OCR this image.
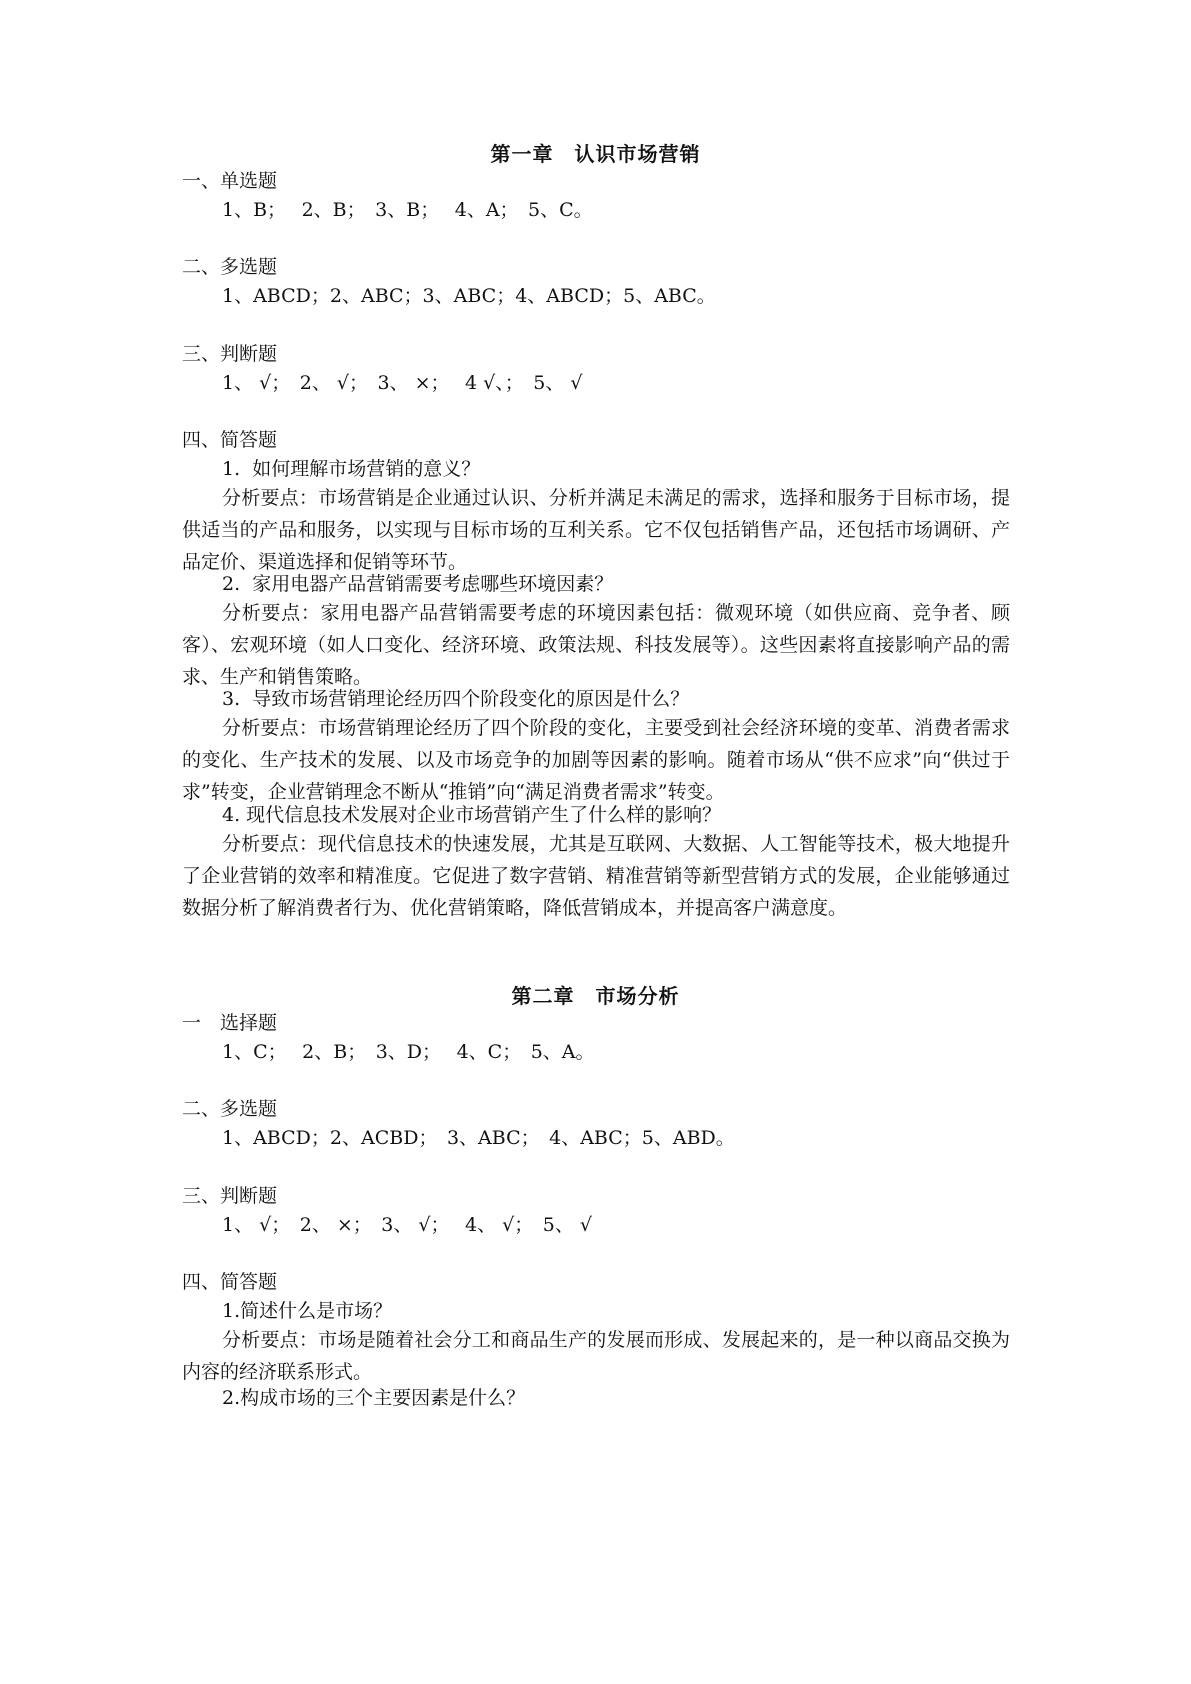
第一章　认识市场营销
一、单选题
1、B；　 2、B；　3、B；　 4、A；　5、C。
二、多选题
1、ABCD；2、ABC；3、ABC；4、ABCD；5、ABC。
三、判断题
1、 √；　2、 √；　3、 ×；　 4 √、；　5、 √
四、简答题
1.  如何理解市场营销的意义？
分析要点：市场营销是企业通过认识、分析并满足未满足的需求，选择和服务于目标市场，提供适当的产品和服务，以实现与目标市场的互利关系。它不仅包括销售产品，还包括市场调研、产品定价、渠道选择和促销等环节。
2.  家用电器产品营销需要考虑哪些环境因素？
分析要点：家用电器产品营销需要考虑的环境因素包括：微观环境（如供应商、竞争者、顾客）、宏观环境（如人口变化、经济环境、政策法规、科技发展等）。这些因素将直接影响产品的需求、生产和销售策略。
3.  导致市场营销理论经历四个阶段变化的原因是什么？
分析要点：市场营销理论经历了四个阶段的变化，主要受到社会经济环境的变革、消费者需求的变化、生产技术的发展、以及市场竞争的加剧等因素的影响。随着市场从“供不应求”向“供过于求”转变，企业营销理念不断从“推销”向“满足消费者需求”转变。
4. 现代信息技术发展对企业市场营销产生了什么样的影响？
分析要点：现代信息技术的快速发展，尤其是互联网、大数据、人工智能等技术，极大地提升了企业营销的效率和精准度。它促进了数字营销、精准营销等新型营销方式的发展，企业能够通过数据分析了解消费者行为、优化营销策略，降低营销成本，并提高客户满意度。
第二章　市场分析
一　选择题
1、C；　 2、B；　3、D；　 4、C；　5、A。
二、多选题
1、ABCD；2、ACBD；　3、ABC；　4、ABC；5、ABD。
三、判断题
1、 √；　2、 ×；　3、 √；　 4、 √；　5、 √
四、简答题
1.简述什么是市场？
分析要点：市场是随着社会分工和商品生产的发展而形成、发展起来的，是一种以商品交换为内容的经济联系形式。
2.构成市场的三个主要因素是什么？
